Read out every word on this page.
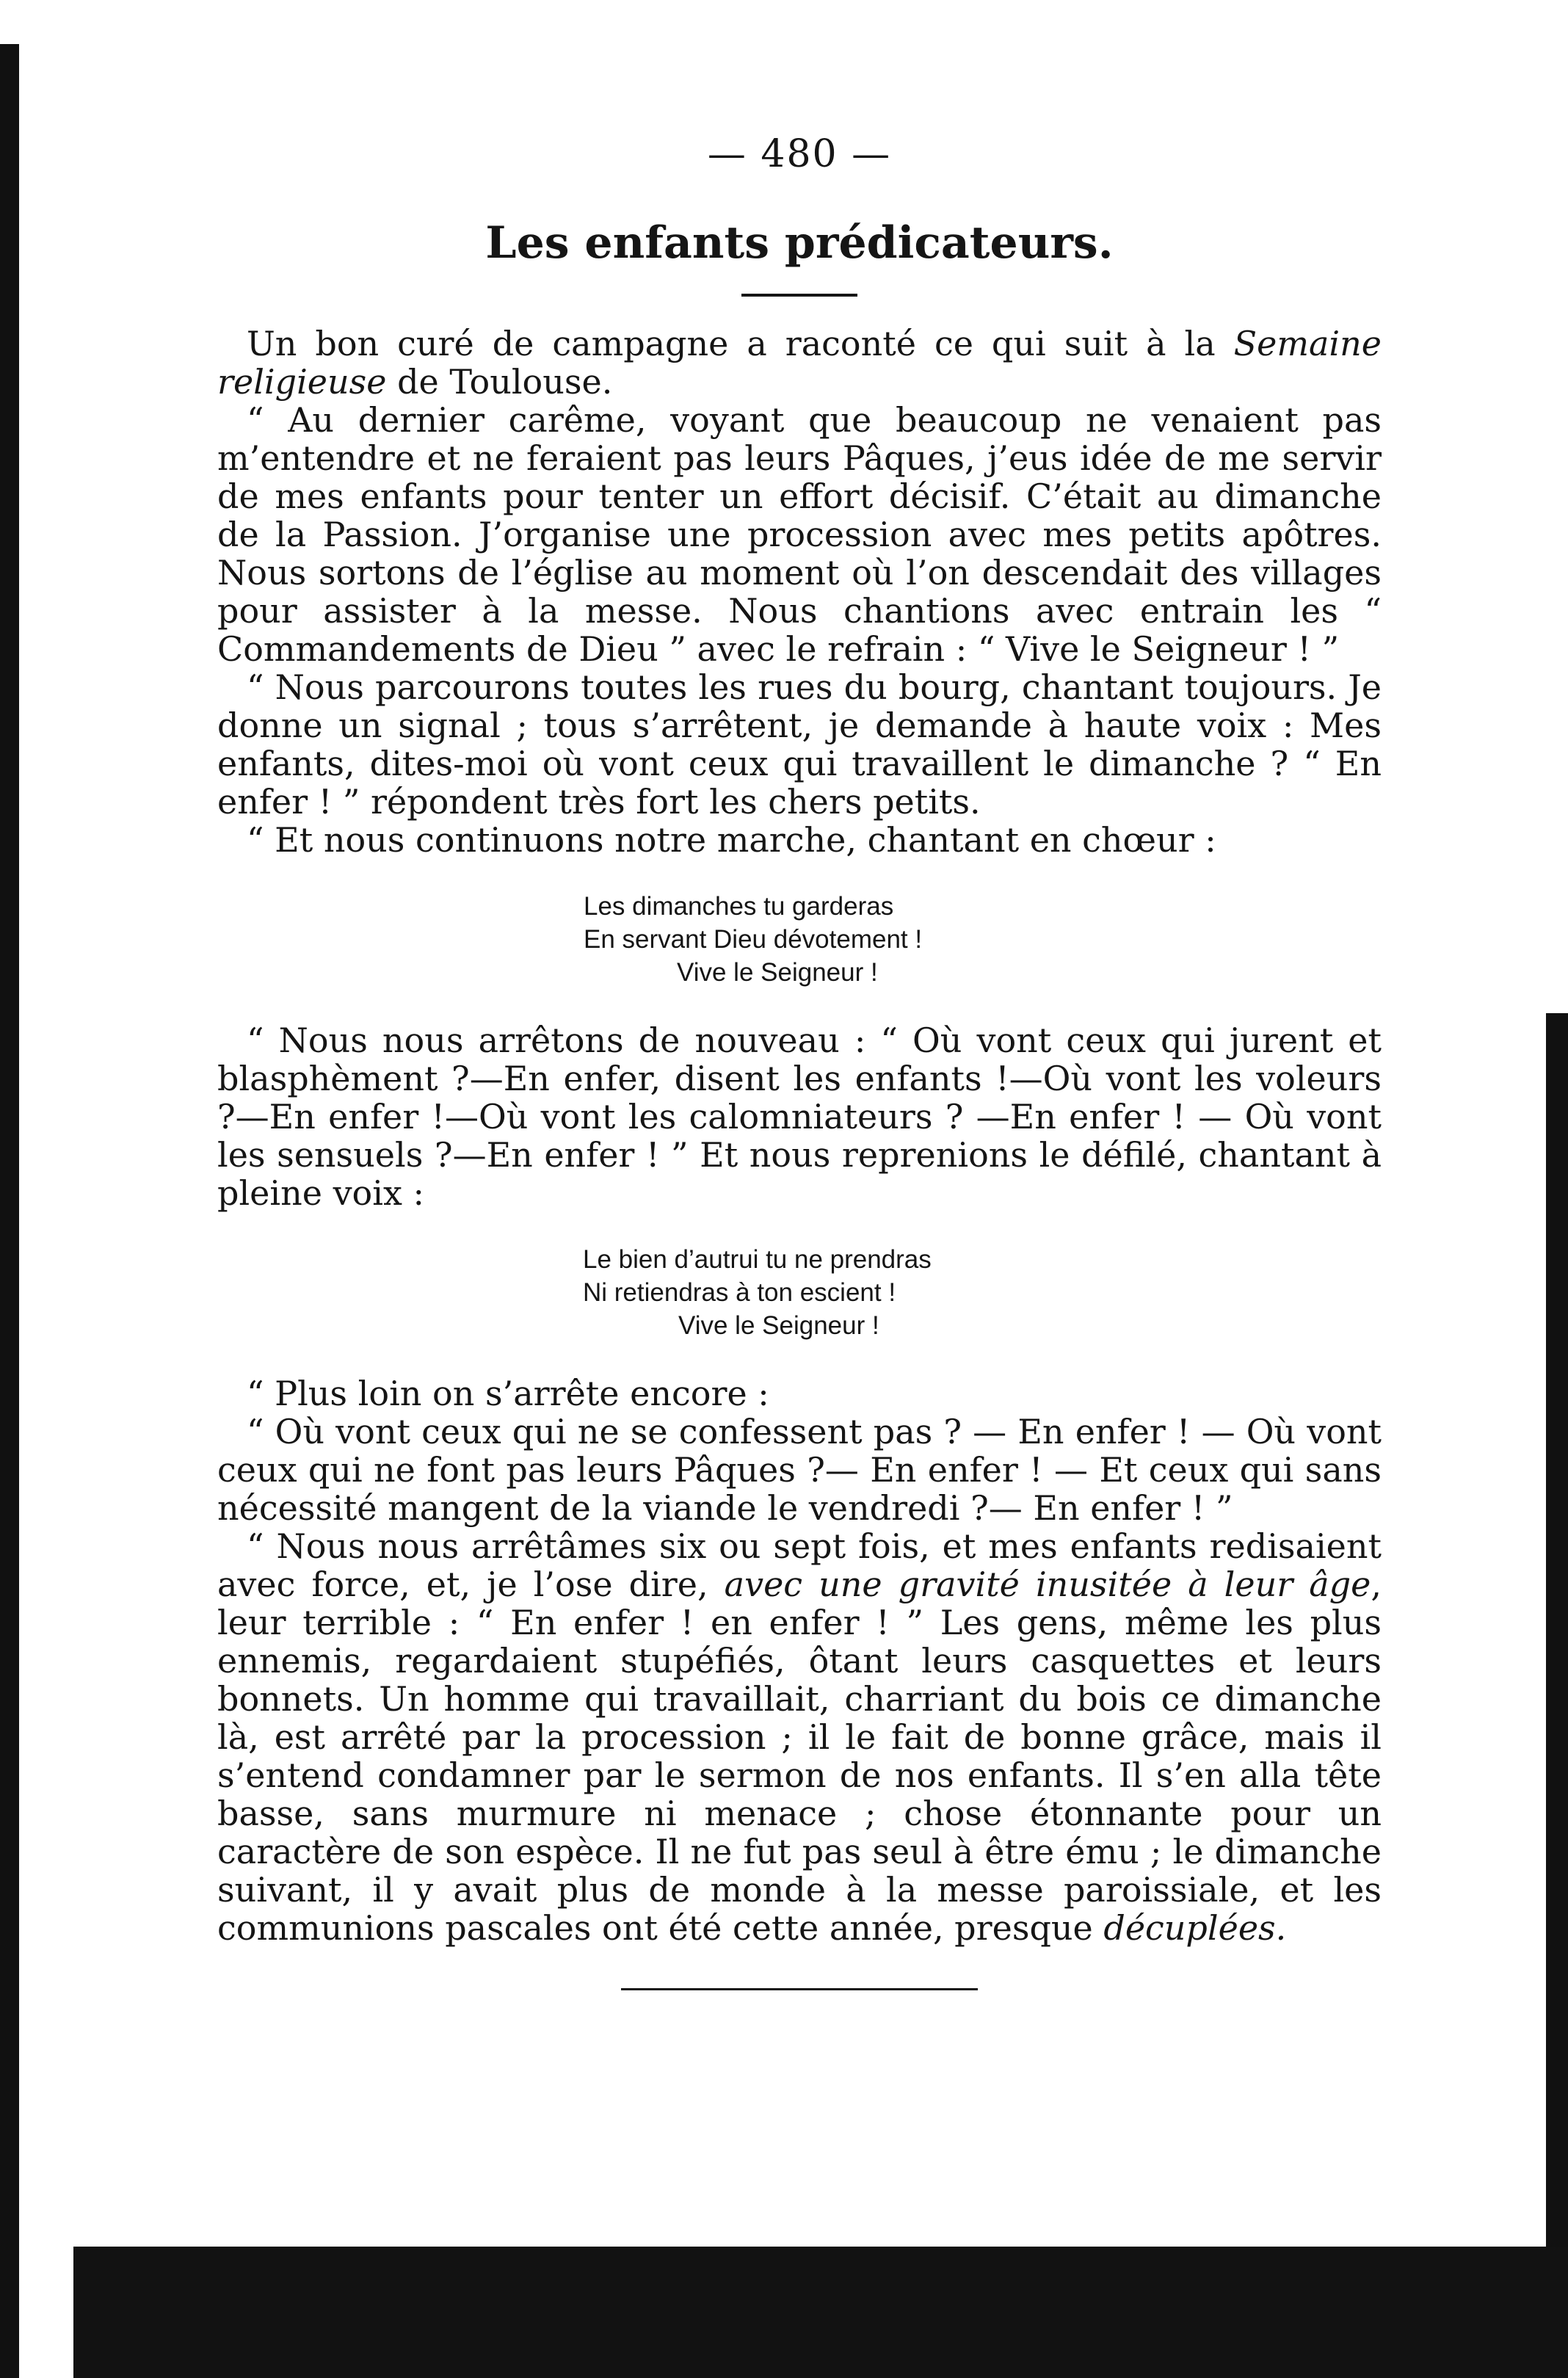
— 480 —
Les enfants prédicateurs.

Un bon curé de campagne a raconté ce qui suit à la Semaine religieuse de Toulouse.

“ Au dernier carême, voyant que beaucoup ne venaient pas m’entendre et ne feraient pas leurs Pâques, j’eus idée de me servir de mes enfants pour tenter un effort décisif. C’était au dimanche de la Passion. J’organise une procession avec mes petits apôtres. Nous sortons de l’église au moment où l’on descendait des villages pour assister à la messe. Nous chantions avec entrain les “ Commandements de Dieu ” avec le refrain : “ Vive le Seigneur ! ”

“ Nous parcourons toutes les rues du bourg, chantant toujours. Je donne un signal ; tous s’arrêtent, je demande à haute voix : Mes enfants, dites-moi où vont ceux qui travaillent le dimanche ? “ En enfer ! ” répondent très fort les chers petits.

“ Et nous continuons notre marche, chantant en chœur :

Les dimanches tu garderas
En servant Dieu dévotement !
Vive le Seigneur !

“ Nous nous arrêtons de nouveau : “ Où vont ceux qui jurent et blasphèment ?—En enfer, disent les enfants !—Où vont les voleurs ?—En enfer !—Où vont les calomniateurs ? —En enfer ! — Où vont les sensuels ?—En enfer ! ” Et nous reprenions le défilé, chantant à pleine voix :

Le bien d’autrui tu ne prendras
Ni retiendras à ton escient !
Vive le Seigneur !

“ Plus loin on s’arrête encore :

“ Où vont ceux qui ne se confessent pas ? — En enfer ! — Où vont ceux qui ne font pas leurs Pâques ?— En enfer ! — Et ceux qui sans nécessité mangent de la viande le vendredi ?— En enfer ! ”

“ Nous nous arrêtâmes six ou sept fois, et mes enfants redisaient avec force, et, je l’ose dire, avec une gravité inusitée à leur âge, leur terrible : “ En enfer ! en enfer ! ” Les gens, même les plus ennemis, regardaient stupéfiés, ôtant leurs casquettes et leurs bonnets. Un homme qui travaillait, charriant du bois ce dimanche là, est arrêté par la procession ; il le fait de bonne grâce, mais il s’entend condamner par le sermon de nos enfants. Il s’en alla tête basse, sans murmure ni menace ; chose étonnante pour un caractère de son espèce. Il ne fut pas seul à être ému ; le dimanche suivant, il y avait plus de monde à la messe paroissiale, et les communions pascales ont été cette année, presque décuplées.
